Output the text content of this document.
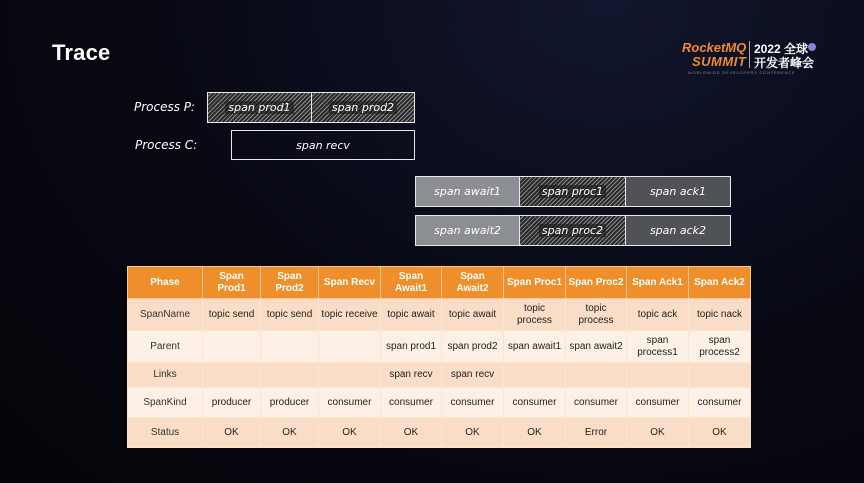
Trace	RocketMQ
SUMMIT
2022 全球
开发者峰会
WORLDWIDE DEVELOPERS CONFERENCE
Process P:	span prod1	span prod2
Process C:	span recv
span await1	span proc1	span ack1
span await2	span proc2	span ack2
Phase	Span Prod1	Span Prod2	Span Recv	Span Await1	Span Await2	Span Proc1	Span Proc2	Span Ack1	Span Ack2
SpanName	topic send	topic send	topic receive	topic await	topic await	topic process	topic process	topic ack	topic nack
Parent				span prod1	span prod2	span await1	span await2	span process1	span process2
Links				span recv	span recv				
SpanKind	producer	producer	consumer	consumer	consumer	consumer	consumer	consumer	consumer
Status	OK	OK	OK	OK	OK	OK	Error	OK	OK
